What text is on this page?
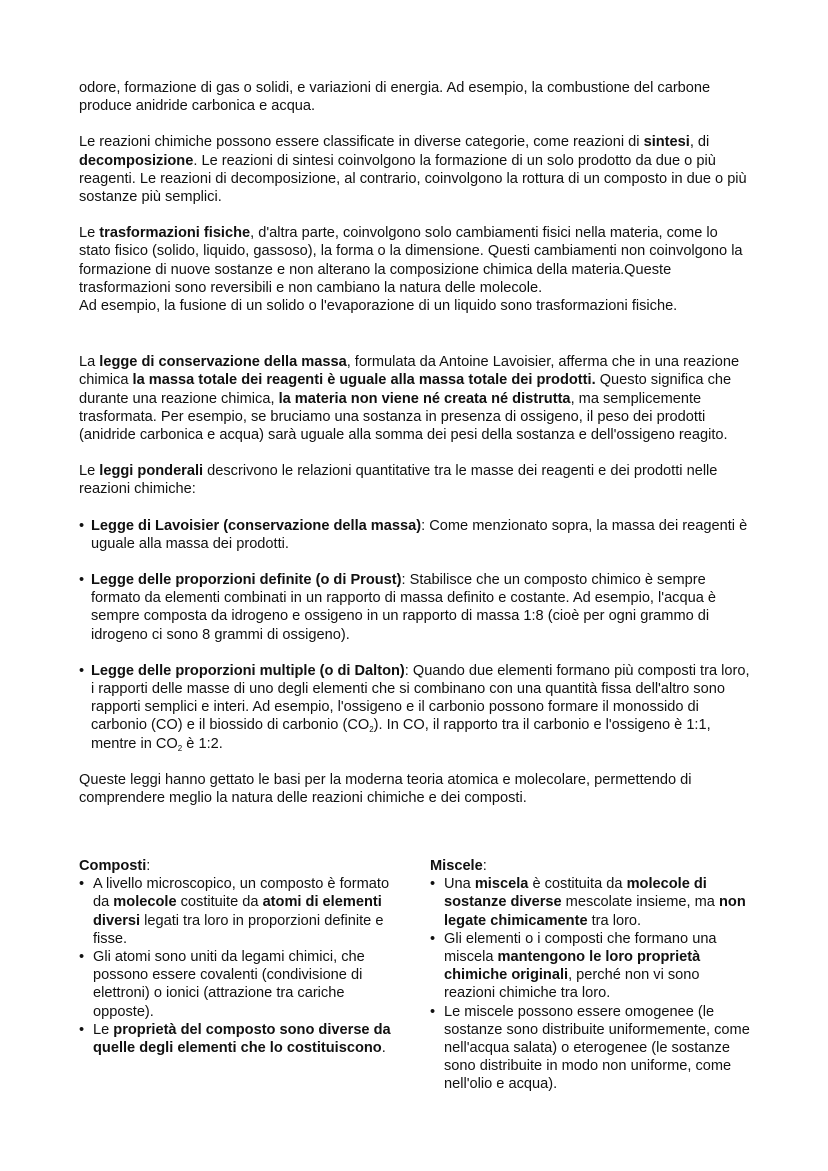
odore, formazione di gas o solidi, e variazioni di energia. Ad esempio, la combustione del carbone produce anidride carbonica e acqua.

Le reazioni chimiche possono essere classificate in diverse categorie, come reazioni di sintesi, di decomposizione. Le reazioni di sintesi coinvolgono la formazione di un solo prodotto da due o più reagenti. Le reazioni di decomposizione, al contrario, coinvolgono la rottura di un composto in due o più sostanze più semplici.

Le trasformazioni fisiche, d'altra parte, coinvolgono solo cambiamenti fisici nella materia, come lo stato fisico (solido, liquido, gassoso), la forma o la dimensione. Questi cambiamenti non coinvolgono la formazione di nuove sostanze e non alterano la composizione chimica della materia.Queste trasformazioni sono reversibili e non cambiano la natura delle molecole.

Ad esempio, la fusione di un solido o l'evaporazione di un liquido sono trasformazioni fisiche.

La legge di conservazione della massa, formulata da Antoine Lavoisier, afferma che in una reazione chimica la massa totale dei reagenti è uguale alla massa totale dei prodotti. Questo significa che durante una reazione chimica, la materia non viene né creata né distrutta, ma semplicemente trasformata. Per esempio, se bruciamo una sostanza in presenza di ossigeno, il peso dei prodotti (anidride carbonica e acqua) sarà uguale alla somma dei pesi della sostanza e dell'ossigeno reagito.

Le leggi ponderali descrivono le relazioni quantitative tra le masse dei reagenti e dei prodotti nelle reazioni chimiche:

• Legge di Lavoisier (conservazione della massa): Come menzionato sopra, la massa dei reagenti è uguale alla massa dei prodotti.
• Legge delle proporzioni definite (o di Proust): Stabilisce che un composto chimico è sempre formato da elementi combinati in un rapporto di massa definito e costante. Ad esempio, l'acqua è sempre composta da idrogeno e ossigeno in un rapporto di massa 1:8 (cioè per ogni grammo di idrogeno ci sono 8 grammi di ossigeno).
• Legge delle proporzioni multiple (o di Dalton): Quando due elementi formano più composti tra loro, i rapporti delle masse di uno degli elementi che si combinano con una quantità fissa dell'altro sono rapporti semplici e interi. Ad esempio, l'ossigeno e il carbonio possono formare il monossido di carbonio (CO) e il biossido di carbonio $(CO_2)$. In CO, il rapporto tra il carbonio e l'ossigeno è 1:1, mentre in $CO_2$ è 1:2.

Queste leggi hanno gettato le basi per la moderna teoria atomica e molecolare, permettendo di comprendere meglio la natura delle reazioni chimiche e dei composti.

Composti:
• A livello microscopico, un composto è formato da molecole costituite da atomi di elementi diversi legati tra loro in proporzioni definite e fisse.
• Gli atomi sono uniti da legami chimici, che possono essere covalenti (condivisione di elettroni) o ionici (attrazione tra cariche opposte).
• Le proprietà del composto sono diverse da quelle degli elementi che lo costituiscono.
Miscele:
• Una miscela è costituita da molecole di sostanze diverse mescolate insieme, ma non legate chimicamente tra loro.
• Gli elementi o i composti che formano una miscela mantengono le loro proprietà chimiche originali, perché non vi sono reazioni chimiche tra loro.
• Le miscele possono essere omogenee (le sostanze sono distribuite uniformemente, come nell'acqua salata) o eterogenee (le sostanze sono distribuite in modo non uniforme, come nell'olio e acqua).
